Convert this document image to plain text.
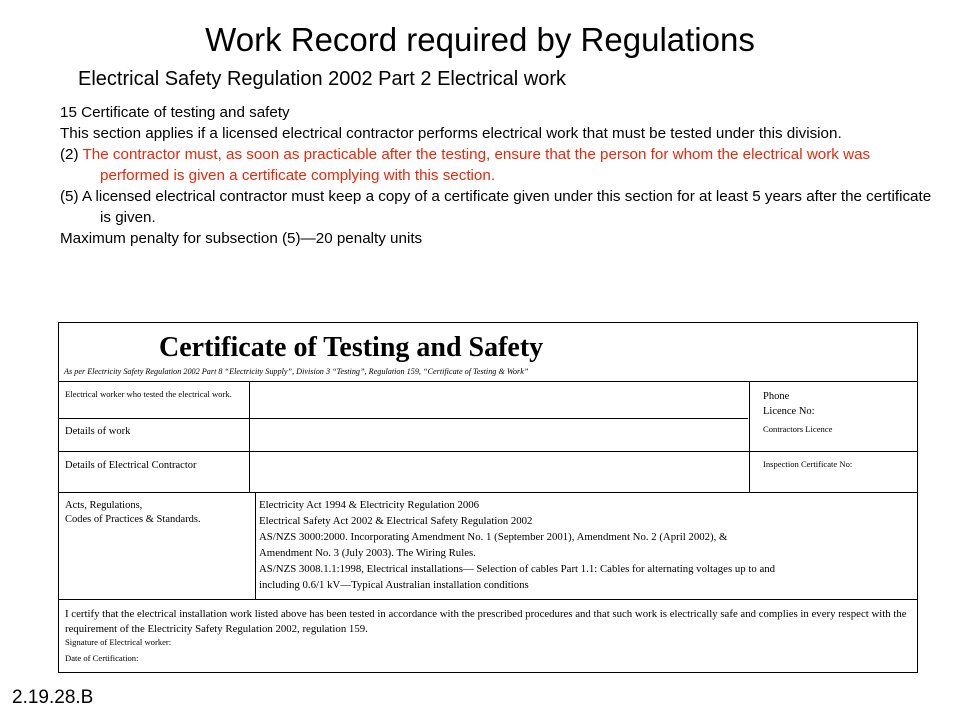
Work Record required by Regulations
Electrical Safety Regulation 2002 Part 2 Electrical work

15 Certificate of testing and safety

This section applies if a licensed electrical contractor performs electrical work that must be tested under this division.

(2) The contractor must, as soon as practicable after the testing, ensure that the person for whom the electrical work was performed is given a certificate complying with this section.

(5) A licensed electrical contractor must keep a copy of a certificate given under this section for at least 5 years after the certificate is given.

Maximum penalty for subsection (5)—20 penalty units

Certificate of Testing and Safety
As per Electricity Safety Regulation 2002 Part 8 “Electricity Supply”, Division 3 “Testing”, Regulation 159, “Certificate of Testing & Work”
Electrical worker who tested the electrical work.
Details of work
Details of Electrical Contractor
Phone
Licence No:
Contractors Licence
Inspection Certificate No:
Acts, Regulations,
Codes of Practices & Standards.
Electricity Act 1994 & Electricity Regulation 2006
Electrical Safety Act 2002 & Electrical Safety Regulation 2002
AS/NZS 3000:2000. Incorporating Amendment No. 1 (September 2001), Amendment No. 2 (April 2002), &
Amendment No. 3 (July 2003). The Wiring Rules.
AS/NZS 3008.1.1:1998, Electrical installations— Selection of cables Part 1.1: Cables for alternating voltages up to and
including 0.6/1 kV—Typical Australian installation conditions
I certify that the electrical installation work listed above has been tested in accordance with the prescribed procedures and that such work is electrically safe and complies in every respect with the requirement of the Electricity Safety Regulation 2002, regulation 159.
Signature of Electrical worker:
Date of Certification:
2.19.28.B
